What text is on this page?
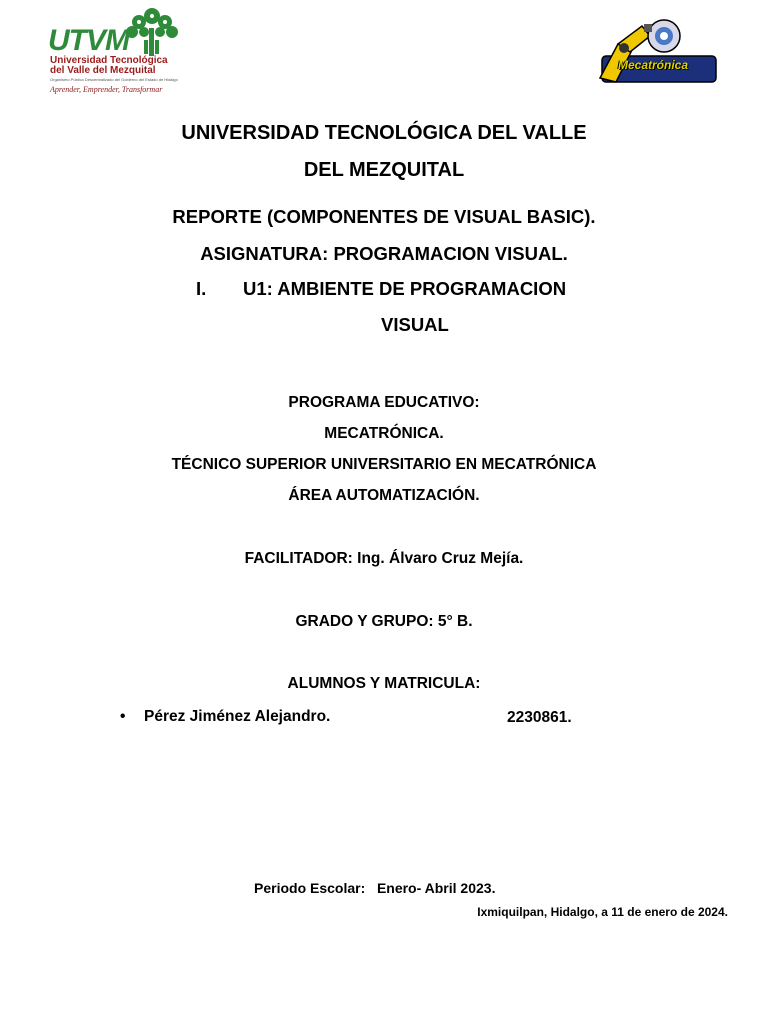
UTVM
Universidad Tecnológica
del Valle del Mezquital
Organismo Público Descentralizado del Gobierno del Estado de Hidalgo
Aprender, Emprender, Transformar
Mecatrónica
UNIVERSIDAD TECNOLÓGICA DEL VALLE
DEL MEZQUITAL
REPORTE (COMPONENTES DE VISUAL BASIC).
ASIGNATURA: PROGRAMACION VISUAL.
I. U1: AMBIENTE DE PROGRAMACION
VISUAL
PROGRAMA EDUCATIVO:
MECATRÓNICA.
TÉCNICO SUPERIOR UNIVERSITARIO EN MECATRÓNICA
ÁREA AUTOMATIZACIÓN.
FACILITADOR: Ing. Álvaro Cruz Mejía.
GRADO Y GRUPO: 5° B.
ALUMNOS Y MATRICULA:
• Pérez Jiménez Alejandro.	2230861.
Periodo Escolar: Enero- Abril 2023.
Ixmiquilpan, Hidalgo, a 11 de enero de 2024.
